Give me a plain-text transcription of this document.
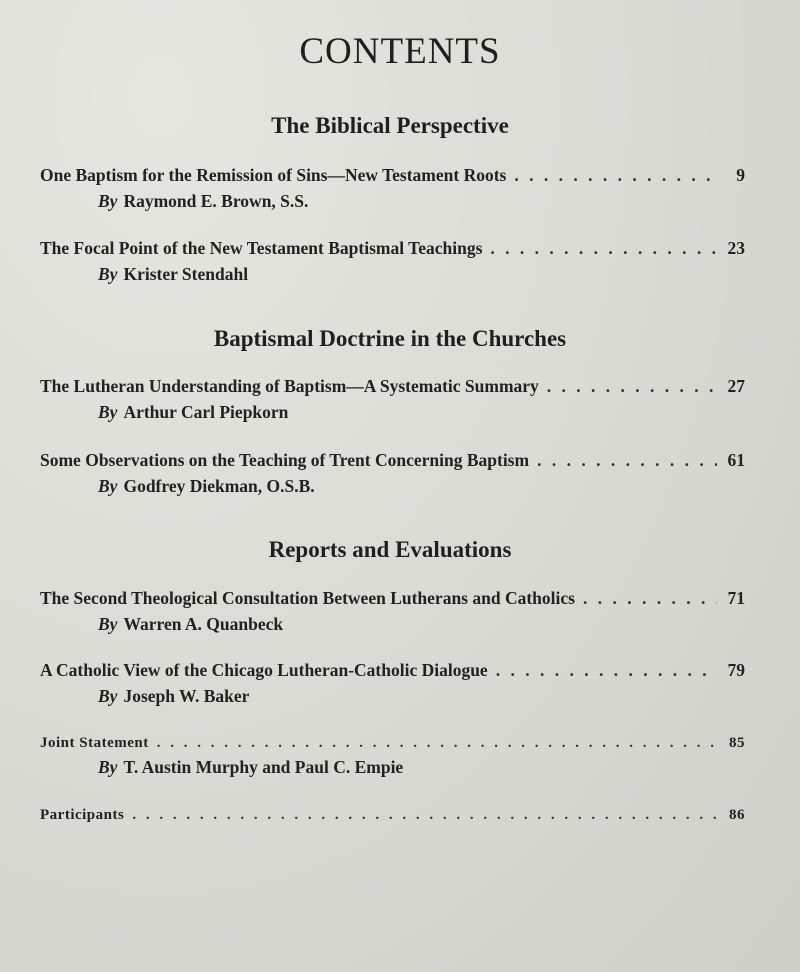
CONTENTS
The Biblical Perspective
One Baptism for the Remission of Sins—New Testament Roots . . .	9
By Raymond E. Brown, S.S.
The Focal Point of the New Testament Baptismal Teachings . . .	23
By Krister Stendahl
Baptismal Doctrine in the Churches
The Lutheran Understanding of Baptism—A Systematic Summary . . .	27
By Arthur Carl Piepkorn
Some Observations on the Teaching of Trent Concerning Baptism . . .	61
By Godfrey Diekman, O.S.B.
Reports and Evaluations
The Second Theological Consultation Between Lutherans and Catholics . . .	71
By Warren A. Quanbeck
A Catholic View of the Chicago Lutheran-Catholic Dialogue . . .	79
By Joseph W. Baker
Joint Statement . . .	85
By T. Austin Murphy and Paul C. Empie
Participants . . .	86
